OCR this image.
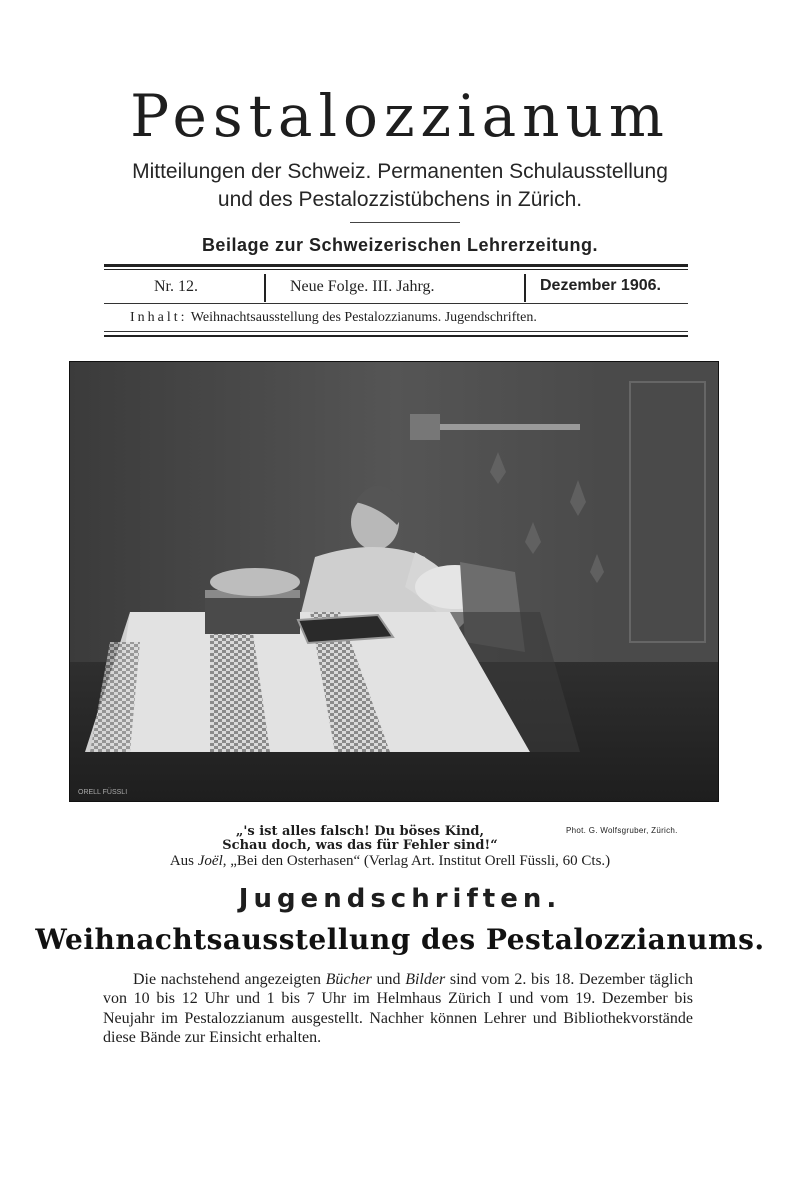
Pestalozzianum
Mitteilungen der Schweiz. Permanenten Schulausstellung
und des Pestalozzistübchens in Zürich.
Beilage zur Schweizerischen Lehrerzeitung.
Nr. 12.	Neue Folge. III. Jahrg.	Dezember 1906.
Inhalt: Weihnachtsausstellung des Pestalozzianums. Jugendschriften.
ORELL FÜSSLI
„'s ist alles falsch! Du böses Kind,
Schau doch, was das für Fehler sind!“
Phot. G. Wolfsgruber, Zürich.
Aus Joël, „Bei den Osterhasen“ (Verlag Art. Institut Orell Füssli, 60 Cts.)
Jugendschriften.
Weihnachtsausstellung des Pestalozzianums.

Die nachstehend angezeigten Bücher und Bilder sind vom 2. bis 18. Dezember täglich von 10 bis 12 Uhr und 1 bis 7 Uhr im Helmhaus Zürich I und vom 19. Dezember bis Neujahr im Pestalozzianum ausgestellt. Nachher können Lehrer und Bibliothekvorstände diese Bände zur Einsicht erhalten.
